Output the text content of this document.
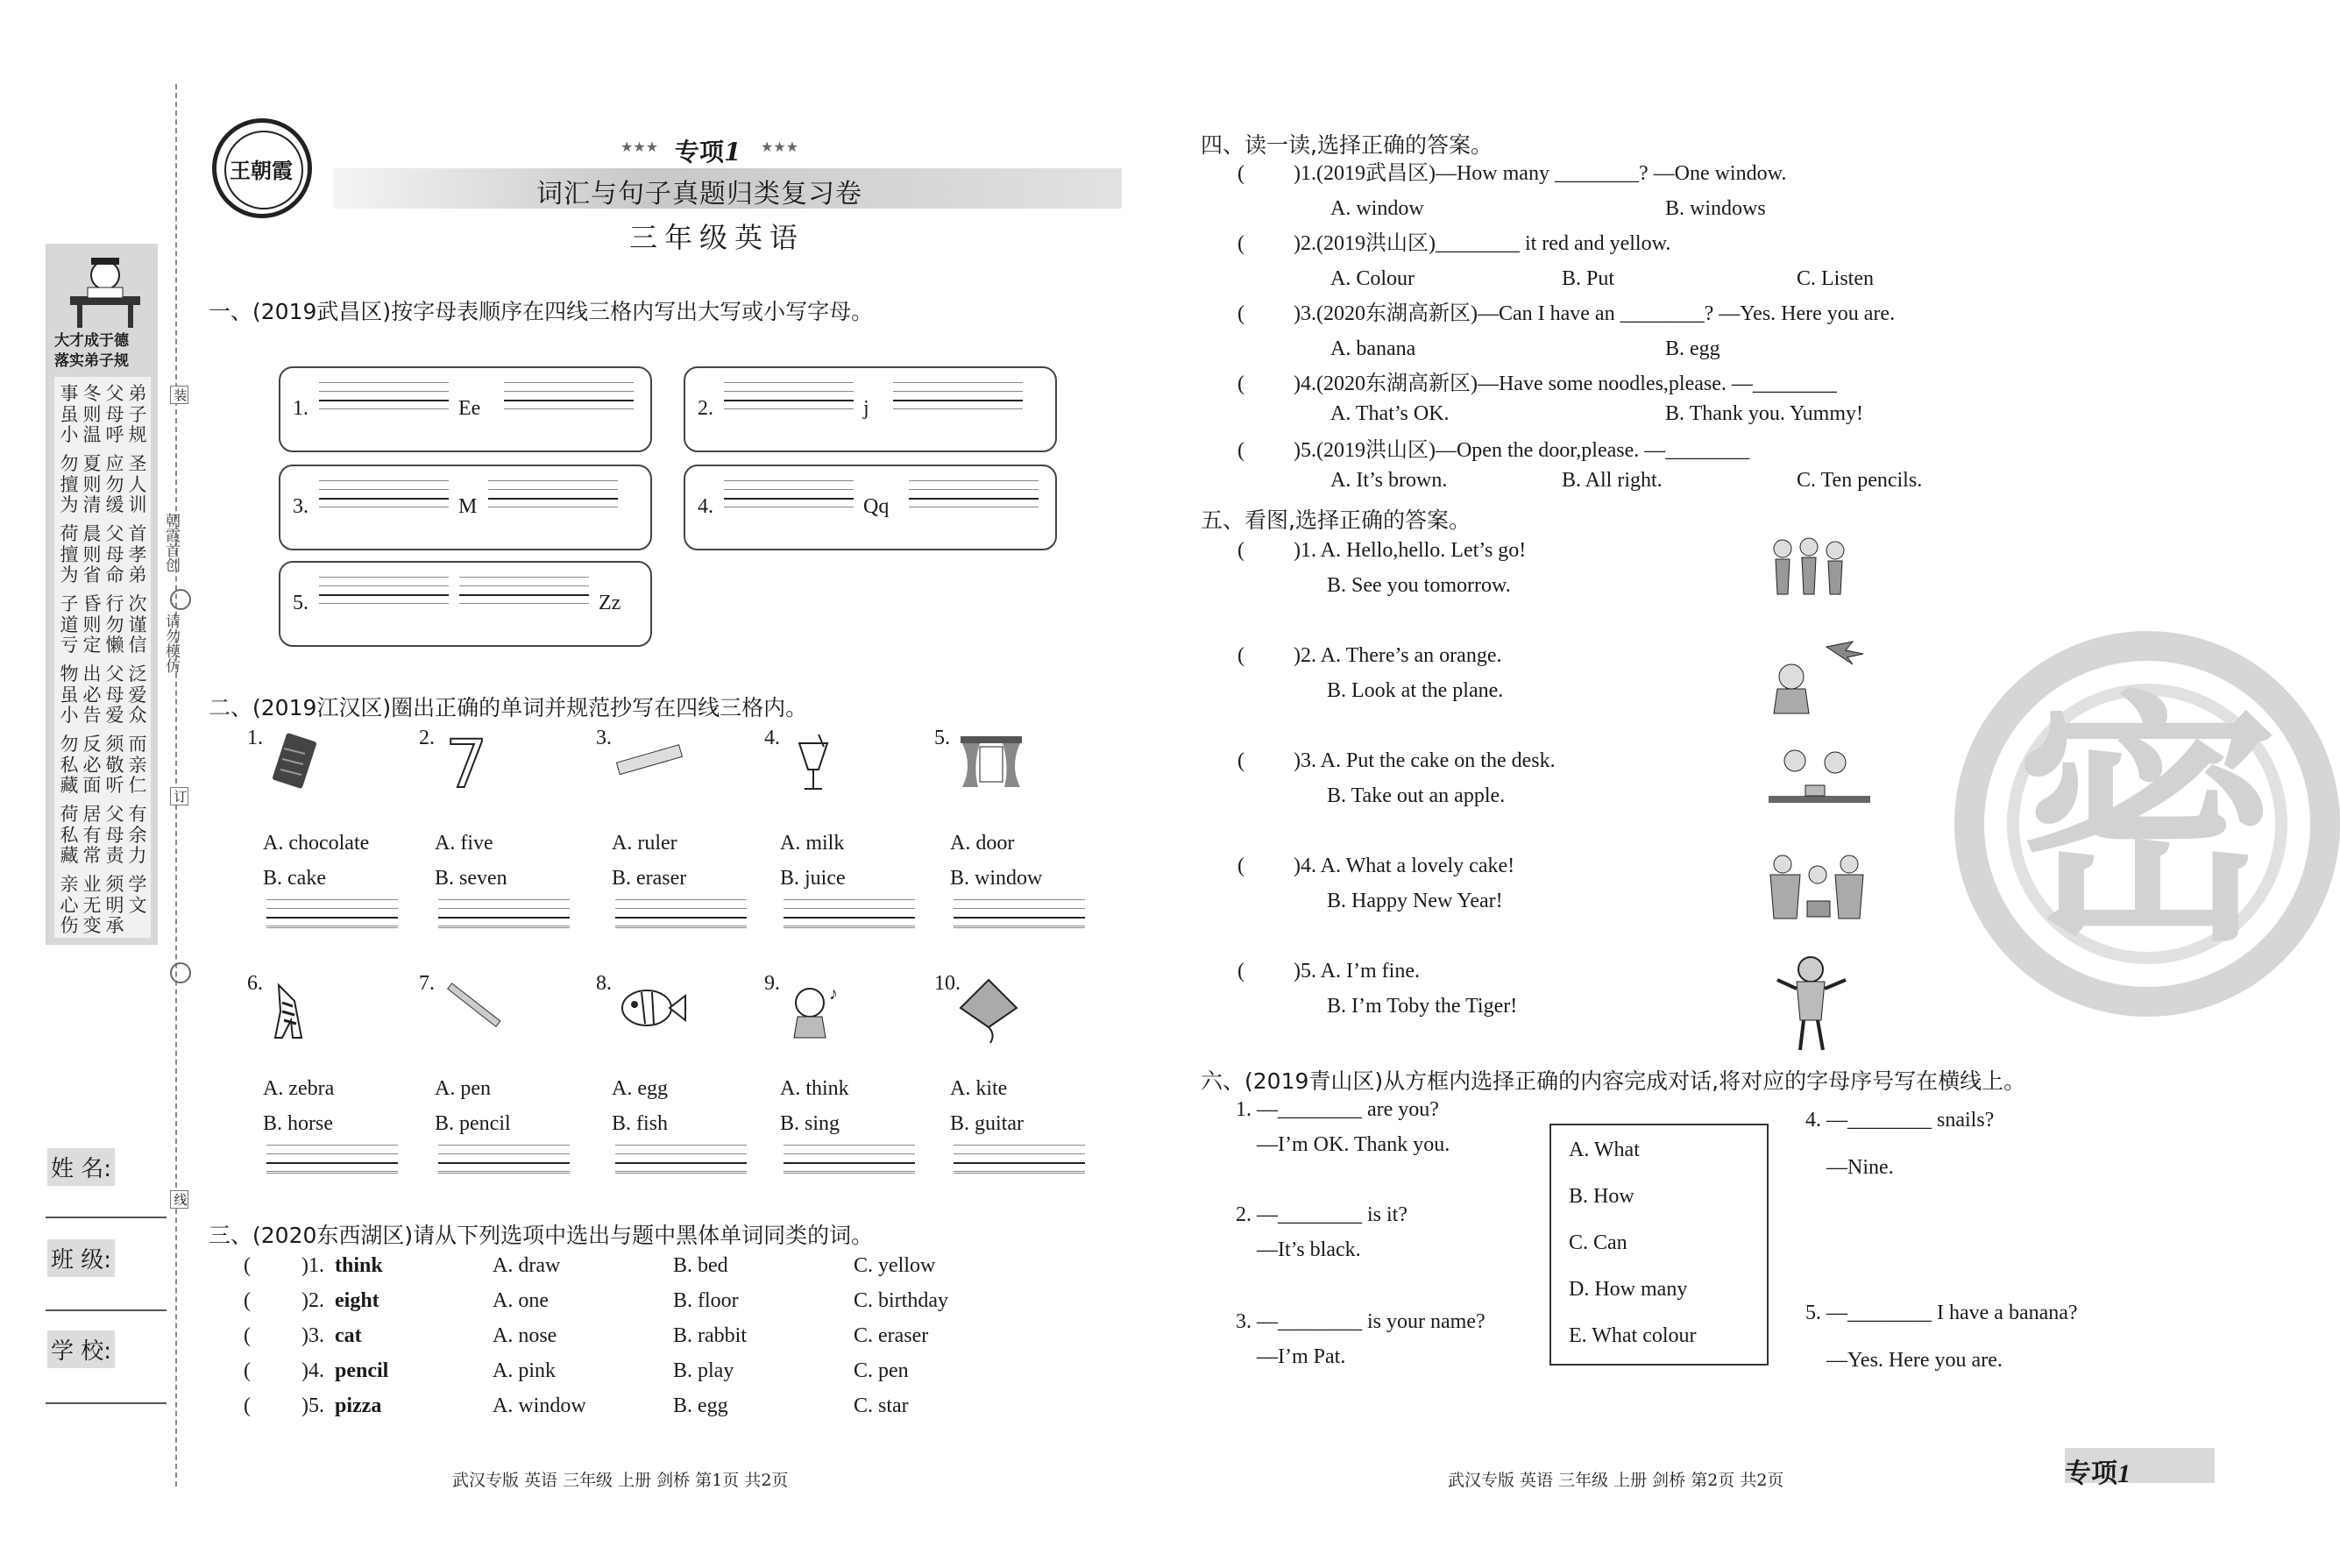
大才成于德
落实弟子规
事虽小
冬则温
父母呼
弟子规
勿擅为
夏则清
应勿缓
圣人训
荷擅为
晨则省
父母命
首孝弟
子道亏
昏则定
行勿懒
次谨信
物虽小
出必告
父母爱
泛爱众
勿私藏
反必面
须敬听
而亲仁
荷私藏
居有常
父母责
有余力
亲心伤
业无变
须明承
学文
装
订
线
朝霞首创
请勿模仿
姓 名:
班 级:
学 校:
王朝霞
★★★ 专项1 ★★★
词汇与句子真题归类复习卷
三年级英语
一、(2019武昌区)按字母表顺序在四线三格内写出大写或小写字母。
1.	Ee	2.	j
3.	M	4.	Qq
5.	Zz
二、(2019江汉区)圈出正确的单词并规范抄写在四线三格内。
1.
A. chocolate
B. cake
2. 7
A. five
B. seven
3.
A. ruler
B. eraser
4.
A. milk
B. juice
5.
A. door
B. window
6.
A. zebra
B. horse
7.
A. pen
B. pencil
8.
A. egg
B. fish
9.	♪
A. think
B. sing
10.
A. kite
B. guitar
三、(2020东西湖区)请从下列选项中选出与题中黑体单词同类的词。
( )1. think	A. draw	B. bed	C. yellow
( )2. eight	A. one	B. floor	C. birthday
( )3. cat	A. nose	B. rabbit	C. eraser
( )4. pencil	A. pink	B. play	C. pen
( )5. pizza	A. window	B. egg	C. star
四、读一读,选择正确的答案。
( )1.(2019武昌区)—How many ________? —One window.
A. window	B. windows
( )2.(2019洪山区)________ it red and yellow.
A. Colour	B. Put	C. Listen
( )3.(2020东湖高新区)—Can I have an ________? —Yes. Here you are.
A. banana	B. egg
( )4.(2020东湖高新区)—Have some noodles,please. —________
A. That’s OK.	B. Thank you. Yummy!
( )5.(2019洪山区)—Open the door,please. —________
A. It’s brown.	B. All right.	C. Ten pencils.
五、看图,选择正确的答案。
( )1. A. Hello,hello. Let’s go!
B. See you tomorrow.
( )2. A. There’s an orange.
B. Look at the plane.
( )3. A. Put the cake on the desk.
B. Take out an apple.
( )4. A. What a lovely cake!
B. Happy New Year!
( )5. A. I’m fine.
B. I’m Toby the Tiger!
六、(2019青山区)从方框内选择正确的内容完成对话,将对应的字母序号写在横线上。
1. —________ are you?
—I’m OK. Thank you.
2. —________ is it?
—It’s black.
3. —________ is your name?
—I’m Pat.
4. —________ snails?
—Nine.
5. —________ I have a banana?
—Yes. Here you are.
A. What
B. How
C. Can
D. How many
E. What colour
密
武汉专版 英语 三年级 上册 剑桥 第1页 共2页	武汉专版 英语 三年级 上册 剑桥 第2页 共2页	专项1
